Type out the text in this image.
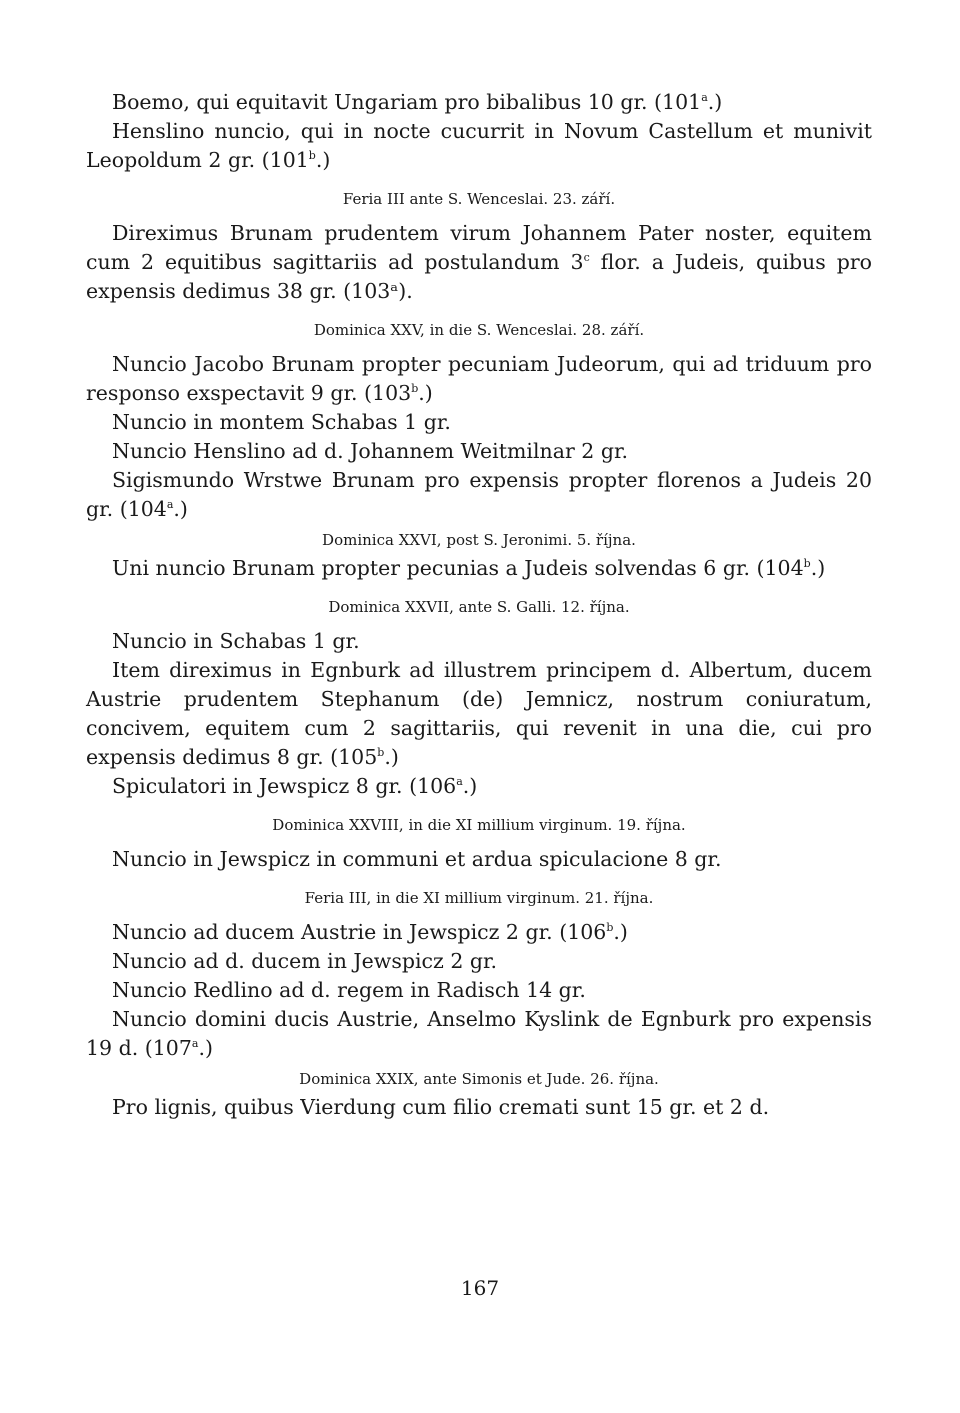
Boemo, qui equitavit Ungariam pro bibalibus 10 gr. (101$^a$.)

Henslino nuncio, qui in nocte cucurrit in Novum Castellum et munivit Leopoldum 2 gr. (101$^b$.)

Feria III ante S. Wenceslai. 23. září.

Direximus Brunam prudentem virum Johannem Pater noster, equitem cum 2 equitibus sagittariis ad postulandum 3$^c$ flor. a Judeis, quibus pro expensis dedimus 38 gr. (103ᵃ).

Dominica XXV, in die S. Wenceslai. 28. září.

Nuncio Jacobo Brunam propter pecuniam Judeorum, qui ad triduum pro responso exspectavit 9 gr. (103$^b$.)

Nuncio in montem Schabas 1 gr.

Nuncio Henslino ad d. Johannem Weitmilnar 2 gr.

Sigismundo Wrstwe Brunam pro expensis propter florenos a Judeis 20 gr. (104$^a$.)

Dominica XXVI, post S. Jeronimi. 5. října.

Uni nuncio Brunam propter pecunias a Judeis solvendas 6 gr. (104$^b$.)

Dominica XXVII, ante S. Galli. 12. října.

Nuncio in Schabas 1 gr.

Item direximus in Egnburk ad illustrem principem d. Albertum, ducem Austrie prudentem Stephanum (de) Jemnicz, nostrum coniuratum, concivem, equitem cum 2 sagittariis, qui revenit in una die, cui pro expensis dedimus 8 gr. (105$^b$.)

Spiculatori in Jewspicz 8 gr. (106$^a$.)

Dominica XXVIII, in die XI millium virginum. 19. října.

Nuncio in Jewspicz in communi et ardua spiculacione 8 gr.

Feria III, in die XI millium virginum. 21. října.

Nuncio ad ducem Austrie in Jewspicz 2 gr. (106$^b$.)

Nuncio ad d. ducem in Jewspicz 2 gr.

Nuncio Redlino ad d. regem in Radisch 14 gr.

Nuncio domini ducis Austrie, Anselmo Kyslink de Egnburk pro expensis 19 d. (107$^a$.)

Dominica XXIX, ante Simonis et Jude. 26. října.

Pro lignis, quibus Vierdung cum filio cremati sunt 15 gr. et 2 d.

167
